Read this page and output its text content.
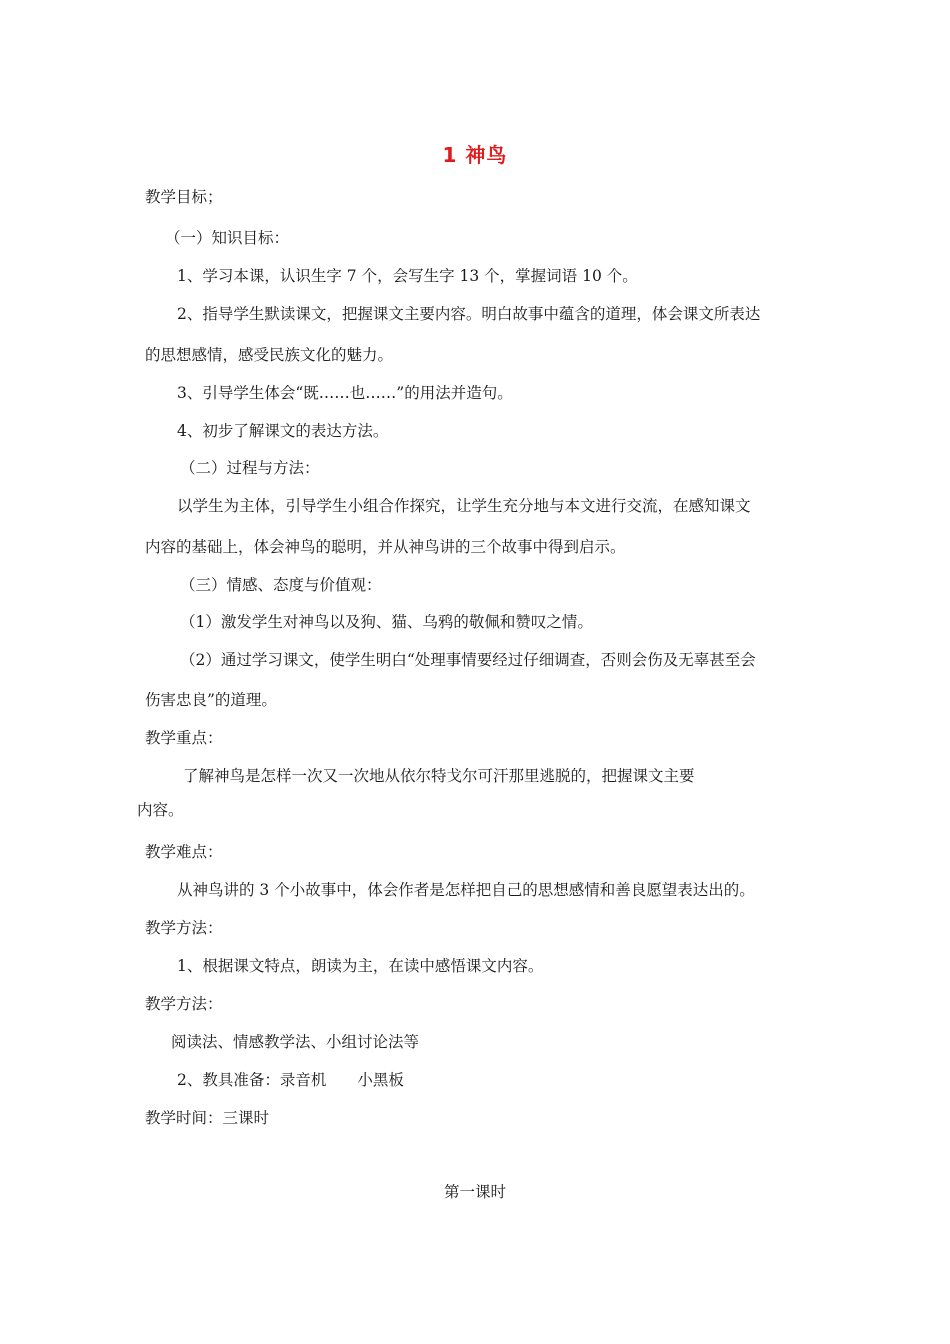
1 神鸟
教学目标；
（一）知识目标：
1、学习本课，认识生字 7 个，会写生字 13 个，掌握词语 10 个。
2、指导学生默读课文，把握课文主要内容。明白故事中蕴含的道理，体会课文所表达
的思想感情，感受民族文化的魅力。
3、引导学生体会“既……也……”的用法并造句。
4、初步了解课文的表达方法。
（二）过程与方法：
以学生为主体，引导学生小组合作探究，让学生充分地与本文进行交流，在感知课文
内容的基础上，体会神鸟的聪明，并从神鸟讲的三个故事中得到启示。
（三）情感、态度与价值观：
（1）激发学生对神鸟以及狗、猫、乌鸦的敬佩和赞叹之情。
（2）通过学习课文，使学生明白“处理事情要经过仔细调查，否则会伤及无辜甚至会
伤害忠良”的道理。
教学重点：
了解神鸟是怎样一次又一次地从依尔特戈尔可汗那里逃脱的，把握课文主要
内容。
教学难点：
从神鸟讲的 3 个小故事中，体会作者是怎样把自己的思想感情和善良愿望表达出的。
教学方法：
1、根据课文特点，朗读为主，在读中感悟课文内容。
教学方法：
阅读法、情感教学法、小组讨论法等
2、教具准备：录音机　　小黑板
教学时间：三课时
第一课时
